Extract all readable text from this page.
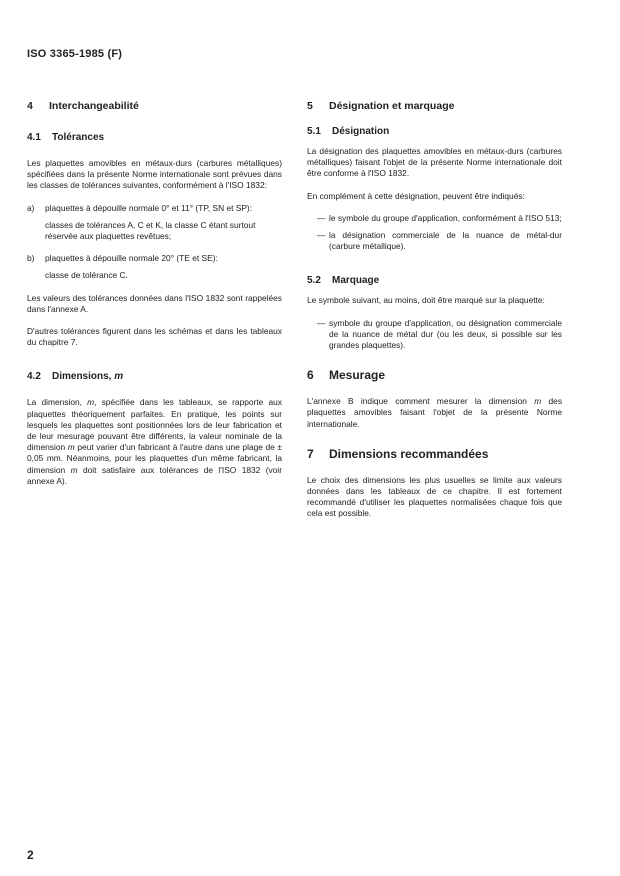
ISO 3365-1985 (F)
4 Interchangeabilité
4.1 Tolérances

Les plaquettes amovibles en métaux-durs (carbures métalliques) spécifiées dans la présente Norme internationale sont prévues dans les classes de tolérances suivantes, conformément à l'ISO 1832:

a)	plaquettes à dépouille normale 0° et 11° (TP, SN et SP):
classes de tolérances A, C et K, la classe C étant surtout réservée aux plaquettes revêtues;
b)	plaquettes à dépouille normale 20° (TE et SE):
classe de tolérance C.

Les valeurs des tolérances données dans l'ISO 1832 sont rappelées dans l'annexe A.

D'autres tolérances figurent dans les schémas et dans les tableaux du chapitre 7.

4.2 Dimensions, m

La dimension, m, spécifiée dans les tableaux, se rapporte aux plaquettes théoriquement parfaites. En pratique, les points sur lesquels les plaquettes sont positionnées lors de leur fabrication et de leur mesurage pouvant être différents, la valeur nominale de la dimension m peut varier d'un fabricant à l'autre dans une plage de ± 0,05 mm. Néanmoins, pour les plaquettes d'un même fabricant, la dimension m doit satisfaire aux tolérances de l'ISO 1832 (voir annexe A).

5 Désignation et marquage
5.1 Désignation

La désignation des plaquettes amovibles en métaux-durs (carbures métalliques) faisant l'objet de la présente Norme internationale doit être conforme à l'ISO 1832.

En complément à cette désignation, peuvent être indiqués:

— le symbole du groupe d'application, conformément à l'ISO 513;
— la désignation commerciale de la nuance de métal-dur (carbure métallique).
5.2 Marquage

Le symbole suivant, au moins, doit être marqué sur la plaquette:

— symbole du groupe d'application, ou désignation commerciale de la nuance de métal dur (ou les deux, si possible sur les grandes plaquettes).
6 Mesurage

L'annexe B indique comment mesurer la dimension m des plaquettes amovibles faisant l'objet de la présente Norme internationale.

7 Dimensions recommandées

Le choix des dimensions les plus usuelles se limite aux valeurs données dans les tableaux de ce chapitre. Il est fortement recommandé d'utiliser les plaquettes normalisées chaque fois que cela est possible.

2
